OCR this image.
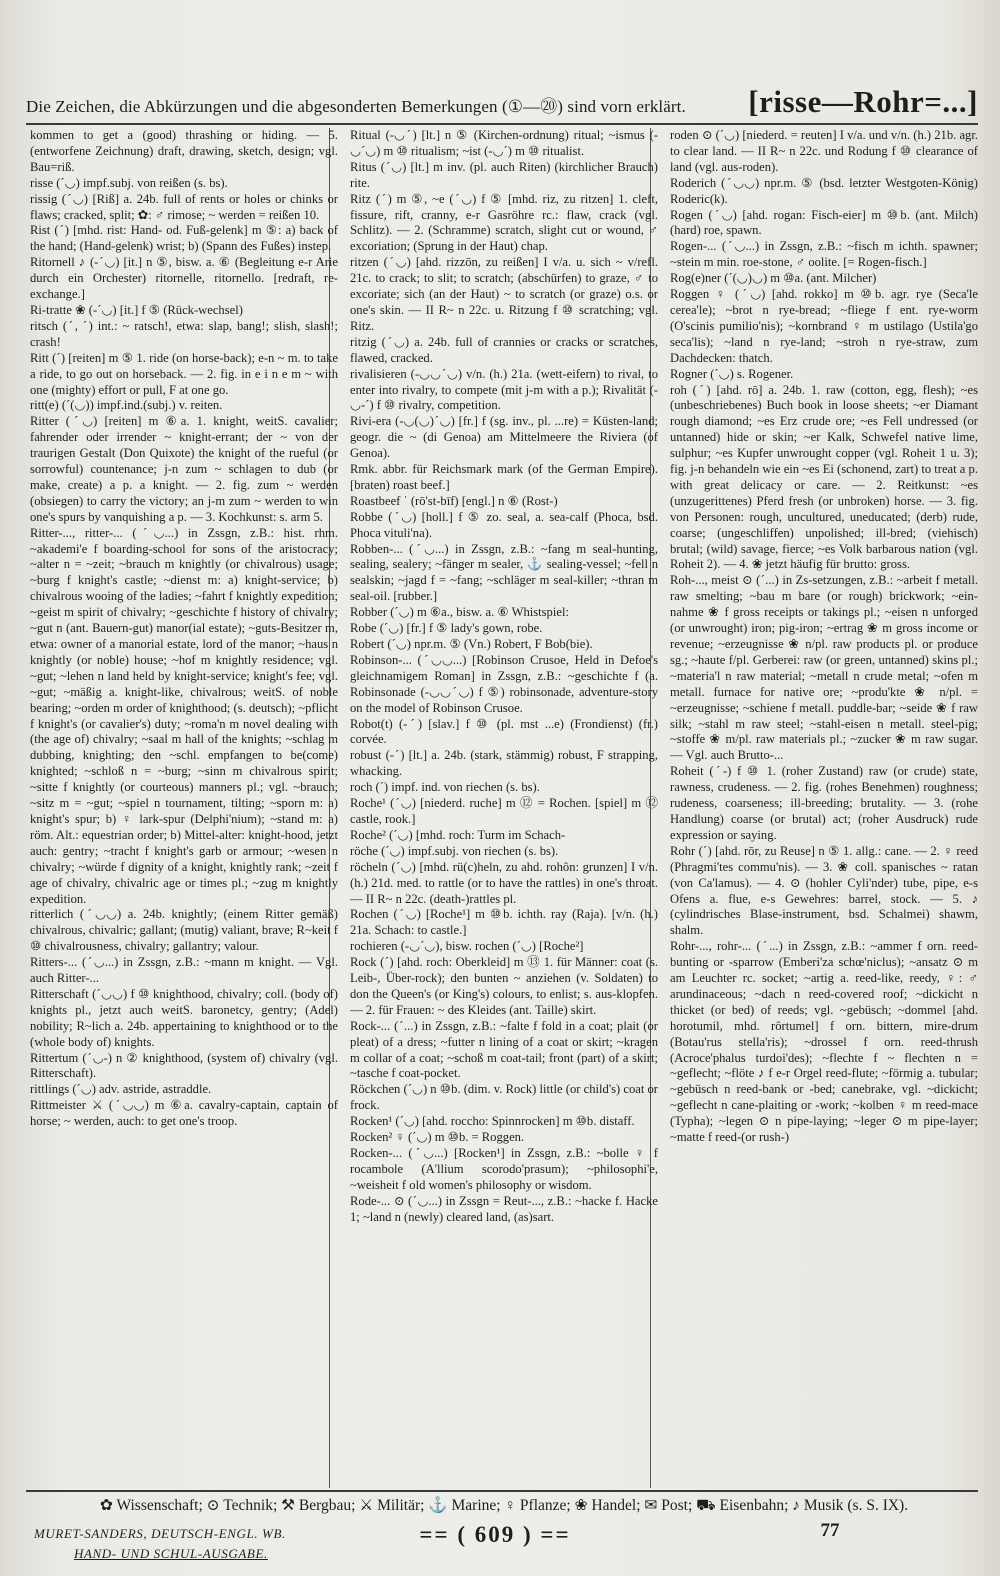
Die Zeichen, die Abkürzungen und die abgesonderten Bemerkungen (①—⑳) sind vorn erklärt. [risse—Rohr=...]

kommen to get a (good) thrashing or hiding. — 5. (entworfene Zeichnung) draft, drawing, sketch, design; vgl. Bau=riß.

risse (ˊ◡) impf.subj. von reißen (s. bs).

rissig (ˊ◡) [Riß] a. 24b. full of rents or holes or chinks or flaws; cracked, split; ✿: ♂ rimose; ~ werden = reißen 10.

Rist (ˊ) [mhd. rist: Hand- od. Fuß-gelenk] m ⑤: a) back of the hand; (Hand-gelenk) wrist; b) (Spann des Fußes) instep.

Ritornell ♪ (-ˊ◡) [it.] n ⑤, bisw. a. ⑥ (Begleitung e-r Arie durch ein Orchester) ritornelle, ritornello. [redraft, re-exchange.]

Ri-tratte ❀ (-ˊ◡) [it.] f ⑤ (Rück-wechsel)

ritsch (ˊ, ˊ) int.: ~ ratsch!, etwa: slap, bang!; slish, slash!; crash!

Ritt (ˊ) [reiten] m ⑤ 1. ride (on horse-back); e-n ~ m. to take a ride, to go out on horseback. — 2. fig. in e i n e m ~ with one (mighty) effort or pull, F at one go.

ritt(e) (ˊ(◡)) impf.ind.(subj.) v. reiten.

Ritter (ˊ◡) [reiten] m ⑥a. 1. knight, weitS. cavalier; fahrender oder irrender ~ knight-errant; der ~ von der traurigen Gestalt (Don Quixote) the knight of the rueful (or sorrowful) countenance; j-n zum ~ schlagen to dub (or make, create) a p. a knight. — 2. fig. zum ~ werden (obsiegen) to carry the victory; an j-m zum ~ werden to win one's spurs by vanquishing a p. — 3. Kochkunst: s. arm 5.

Ritter-..., ritter-... (ˊ◡...) in Zssgn, z.B.: hist. rhm. ~akademi'e f boarding-school for sons of the aristocracy; ~alter n = ~zeit; ~brauch m knightly (or chivalrous) usage; ~burg f knight's castle; ~dienst m: a) knight-service; b) chivalrous wooing of the ladies; ~fahrt f knightly expedition; ~geist m spirit of chivalry; ~geschichte f history of chivalry; ~gut n (ant. Bauern-gut) manor(ial estate); ~guts-Besitzer m, etwa: owner of a manorial estate, lord of the manor; ~haus n knightly (or noble) house; ~hof m knightly residence; vgl. ~gut; ~lehen n land held by knight-service; knight's fee; vgl. ~gut; ~mäßig a. knight-like, chivalrous; weitS. of noble bearing; ~orden m order of knighthood; (s. deutsch); ~pflicht f knight's (or cavalier's) duty; ~roma'n m novel dealing with (the age of) chivalry; ~saal m hall of the knights; ~schlag m dubbing, knighting; den ~schl. empfangen to be(come) knighted; ~schloß n = ~burg; ~sinn m chivalrous spirit; ~sitte f knightly (or courteous) manners pl.; vgl. ~brauch; ~sitz m = ~gut; ~spiel n tournament, tilting; ~sporn m: a) knight's spur; b) ♀ lark-spur (Delphi'nium); ~stand m: a) röm. Alt.: equestrian order; b) Mittel-alter: knight-hood, jetzt auch: gentry; ~tracht f knight's garb or armour; ~wesen n chivalry; ~würde f dignity of a knight, knightly rank; ~zeit f age of chivalry, chivalric age or times pl.; ~zug m knightly expedition.

ritterlich (ˊ◡◡) a. 24b. knightly; (einem Ritter gemäß) chivalrous, chivalric; gallant; (mutig) valiant, brave; R~keit f ⑩ chivalrousness, chivalry; gallantry; valour.

Ritters-... (ˊ◡...) in Zssgn, z.B.: ~mann m knight. — Vgl. auch Ritter-...

Ritterschaft (ˊ◡◡) f ⑩ knighthood, chivalry; coll. (body of) knights pl., jetzt auch weitS. baronetcy, gentry; (Adel) nobility; R~lich a. 24b. appertaining to knighthood or to the (whole body of) knights.

Rittertum (ˊ◡-) n ② knighthood, (system of) chivalry (vgl. Ritterschaft).

rittlings (ˊ◡) adv. astride, astraddle.

Rittmeister ⚔ (ˊ◡◡) m ⑥a. cavalry-captain, captain of horse; ~ werden, auch: to get one's troop.

Ritual (-◡ˊ) [lt.] n ⑤ (Kirchen-ordnung) ritual; ~ismus (-◡ˊ◡) m ⑩ ritualism; ~ist (-◡ˊ) m ⑩ ritualist.

Ritus (ˊ◡) [lt.] m inv. (pl. auch Riten) (kirchlicher Brauch) rite.

Ritz (ˊ) m ⑤, ~e (ˊ◡) f ⑤ [mhd. riz, zu ritzen] 1. cleft, fissure, rift, cranny, e-r Gasröhre rc.: flaw, crack (vgl. Schlitz). — 2. (Schramme) scratch, slight cut or wound, ♂ excoriation; (Sprung in der Haut) chap.

ritzen (ˊ◡) [ahd. rizzōn, zu reißen] I v/a. u. sich ~ v/refl. 21c. to crack; to slit; to scratch; (abschürfen) to graze, ♂ to excoriate; sich (an der Haut) ~ to scratch (or graze) o.s. or one's skin. — II R~ n 22c. u. Ritzung f ⑩ scratching; vgl. Ritz.

ritzig (ˊ◡) a. 24b. full of crannies or cracks or scratches, flawed, cracked.

rivalisieren (-◡◡ˊ◡) v/n. (h.) 21a. (wett-eifern) to rival, to enter into rivalry, to compete (mit j-m with a p.); Rivalität (-◡-ˊ) f ⑩ rivalry, competition.

Rivi-era (-◡(◡)ˊ◡) [fr.] f (sg. inv., pl. ...re) = Küsten-land; geogr. die ~ (di Genoa) am Mittelmeere the Riviera (of Genoa).

Rmk. abbr. für Reichsmark mark (of the German Empire). [braten) roast beef.]

Roastbeef ˈ (rō'st-bīf) [engl.] n ⑥ (Rost-)

Robbe (ˊ◡) [holl.] f ⑤ zo. seal, a. sea-calf (Phoca, bsd. Phoca vituli'na).

Robben-... (ˊ◡...) in Zssgn, z.B.: ~fang m seal-hunting, sealing, sealery; ~fänger m sealer, ⚓ sealing-vessel; ~fell n sealskin; ~jagd f = ~fang; ~schläger m seal-killer; ~thran m seal-oil. [rubber.]

Robber (ˊ◡) m ⑥a., bisw. a. ⑥ Whistspiel:

Robe (ˊ◡) [fr.] f ⑤ lady's gown, robe.

Robert (ˊ◡) npr.m. ⑤ (Vn.) Robert, F Bob(bie).

Robinson-... (ˊ◡◡...) [Robinson Crusoe, Held in Defoe's gleichnamigem Roman] in Zssgn, z.B.: ~geschichte f (a. Robinsonade (-◡◡ˊ◡) f ⑤) robinsonade, adventure-story on the model of Robinson Crusoe.

Robot(t) (-ˊ) [slav.] f ⑩ (pl. mst ...e) (Frondienst) (fr.) corvée.

robust (-ˊ) [lt.] a. 24b. (stark, stämmig) robust, F strapping, whacking.

roch (ˊ) impf. ind. von riechen (s. bs).

Roche¹ (ˊ◡) [niederd. ruche] m ⑫ = Rochen. [spiel] m ⑫ castle, rook.]

Roche² (ˊ◡) [mhd. roch: Turm im Schach-

röche (ˊ◡) impf.subj. von riechen (s. bs).

röcheln (ˊ◡) [mhd. rü(c)heln, zu ahd. rohôn: grunzen] I v/n. (h.) 21d. med. to rattle (or to have the rattles) in one's throat. — II R~ n 22c. (death-)rattles pl.

Rochen (ˊ◡) [Roche¹] m ⑩b. ichth. ray (Raja). [v/n. (h.) 21a. Schach: to castle.]

rochieren (-◡ˊ◡), bisw. rochen (ˊ◡) [Roche²]

Rock (ˊ) [ahd. roch: Oberkleid] m ⑬ 1. für Männer: coat (s. Leib-, Über-rock); den bunten ~ anziehen (v. Soldaten) to don the Queen's (or King's) colours, to enlist; s. aus-klopfen. — 2. für Frauen: ~ des Kleides (ant. Taille) skirt.

Rock-... (ˊ...) in Zssgn, z.B.: ~falte f fold in a coat; plait (or pleat) of a dress; ~futter n lining of a coat or skirt; ~kragen m collar of a coat; ~schoß m coat-tail; front (part) of a skirt; ~tasche f coat-pocket.

Röckchen (ˊ◡) n ⑩b. (dim. v. Rock) little (or child's) coat or frock.

Rocken¹ (ˊ◡) [ahd. roccho: Spinnrocken] m ⑩b. distaff.

Rocken² ♀ (ˊ◡) m ⑩b. = Roggen.

Rocken-... (ˊ◡...) [Rocken¹] in Zssgn, z.B.: ~bolle ♀ f rocambole (A'llium scorodo'prasum); ~philosophi'e, ~weisheit f old women's philosophy or wisdom.

Rode-... ⊙ (ˊ◡...) in Zssgn = Reut-..., z.B.: ~hacke f. Hacke 1; ~land n (newly) cleared land, (as)sart.

roden ⊙ (ˊ◡) [niederd. = reuten] I v/a. und v/n. (h.) 21b. agr. to clear land. — II R~ n 22c. und Rodung f ⑩ clearance of land (vgl. aus-roden).

Roderich (ˊ◡◡) npr.m. ⑤ (bsd. letzter Westgoten-König) Roderic(k).

Rogen (ˊ◡) [ahd. rogan: Fisch-eier] m ⑩b. (ant. Milch) (hard) roe, spawn.

Rogen-... (ˊ◡...) in Zssgn, z.B.: ~fisch m ichth. spawner; ~stein m min. roe-stone, ♂ oolite. [= Rogen-fisch.]

Rog(e)ner (ˊ(◡)◡) m ⑩a. (ant. Milcher)

Roggen ♀ (ˊ◡) [ahd. rokko] m ⑩b. agr. rye (Seca'le cerea'le); ~brot n rye-bread; ~fliege f ent. rye-worm (O'scinis pumilio'nis); ~kornbrand ♀ m ustilago (Ustila'go seca'lis); ~land n rye-land; ~stroh n rye-straw, zum Dachdecken: thatch.

Rogner (ˊ◡) s. Rogener.

roh (ˊ) [ahd. rō] a. 24b. 1. raw (cotton, egg, flesh); ~es (unbeschriebenes) Buch book in loose sheets; ~er Diamant rough diamond; ~es Erz crude ore; ~es Fell undressed (or untanned) hide or skin; ~er Kalk, Schwefel native lime, sulphur; ~es Kupfer unwrought copper (vgl. Roheit 1 u. 3); fig. j-n behandeln wie ein ~es Ei (schonend, zart) to treat a p. with great delicacy or care. — 2. Reitkunst: ~es (unzugerittenes) Pferd fresh (or unbroken) horse. — 3. fig. von Personen: rough, uncultured, uneducated; (derb) rude, coarse; (ungeschliffen) unpolished; ill-bred; (viehisch) brutal; (wild) savage, fierce; ~es Volk barbarous nation (vgl. Roheit 2). — 4. ❀ jetzt häufig für brutto: gross.

Roh-..., meist ⊙ (ˊ...) in Zs-setzungen, z.B.: ~arbeit f metall. raw smelting; ~bau m bare (or rough) brickwork; ~ein-nahme ❀ f gross receipts or takings pl.; ~eisen n unforged (or unwrought) iron; pig-iron; ~ertrag ❀ m gross income or revenue; ~erzeugnisse ❀ n/pl. raw products pl. or produce sg.; ~haute f/pl. Gerberei: raw (or green, untanned) skins pl.; ~materia'l n raw material; ~metall n crude metal; ~ofen m metall. furnace for native ore; ~produ'kte ❀ n/pl. = ~erzeugnisse; ~schiene f metall. puddle-bar; ~seide ❀ f raw silk; ~stahl m raw steel; ~stahl-eisen n metall. steel-pig; ~stoffe ❀ m/pl. raw materials pl.; ~zucker ❀ m raw sugar. — Vgl. auch Brutto-...

Roheit (ˊ-) f ⑩ 1. (roher Zustand) raw (or crude) state, rawness, crudeness. — 2. fig. (rohes Benehmen) roughness; rudeness, coarseness; ill-breeding; brutality. — 3. (rohe Handlung) coarse (or brutal) act; (roher Ausdruck) rude expression or saying.

Rohr (ˊ) [ahd. rōr, zu Reuse] n ⑤ 1. allg.: cane. — 2. ♀ reed (Phragmi'tes commu'nis). — 3. ❀ coll. spanisches ~ ratan (von Ca'lamus). — 4. ⊙ (hohler Cyli'nder) tube, pipe, e-s Ofens a. flue, e-s Gewehres: barrel, stock. — 5. ♪ (cylindrisches Blase-instrument, bsd. Schalmei) shawm, shalm.

Rohr-..., rohr-... (ˊ...) in Zssgn, z.B.: ~ammer f orn. reed-bunting or -sparrow (Emberi'za schœ'niclus); ~ansatz ⊙ m am Leuchter rc. socket; ~artig a. reed-like, reedy, ♀: ♂ arundinaceous; ~dach n reed-covered roof; ~dickicht n thicket (or bed) of reeds; vgl. ~gebüsch; ~dommel [ahd. horotumil, mhd. rôrtumel] f orn. bittern, mire-drum (Botau'rus stella'ris); ~drossel f orn. reed-thrush (Acroce'phalus turdoi'des); ~flechte f ~ flechten n = ~geflecht; ~flöte ♪ f e-r Orgel reed-flute; ~förmig a. tubular; ~gebüsch n reed-bank or -bed; canebrake, vgl. ~dickicht; ~geflecht n cane-plaiting or -work; ~kolben ♀ m reed-mace (Typha); ~legen ⊙ n pipe-laying; ~leger ⊙ m pipe-layer; ~matte f reed-(or rush-)

✿ Wissenschaft; ⊙ Technik; ⚒ Bergbau; ⚔ Militär; ⚓ Marine; ♀ Pflanze; ❀ Handel; ✉ Post; ⛟ Eisenbahn; ♪ Musik (s. S. IX).
MURET-SANDERS, DEUTSCH-ENGL. WB.
HAND- UND SCHUL-AUSGABE.
== ( 609 ) ==	77
